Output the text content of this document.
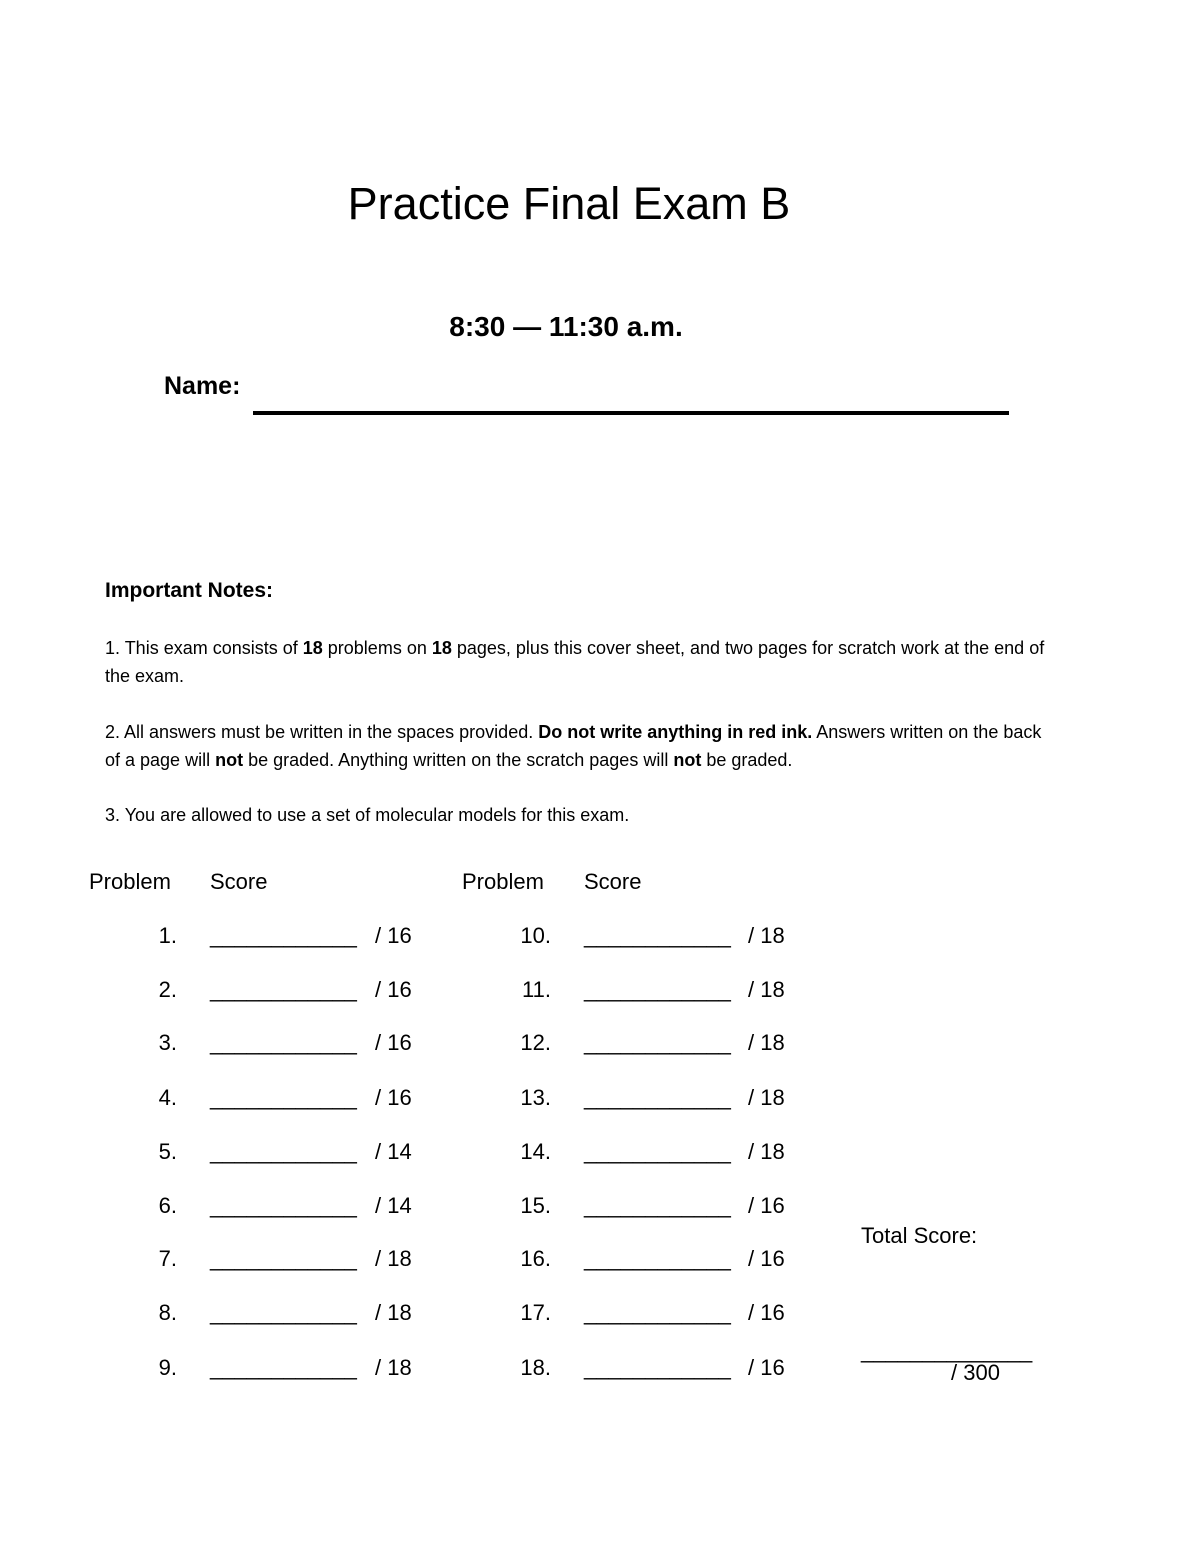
Practice Final Exam B
8:30 — 11:30 a.m.
Name:
Important Notes:
1. This exam consists of 18 problems on 18 pages, plus this cover sheet, and two pages for scratch work at the end of the exam.
2. All answers must be written in the spaces provided. Do not write anything in red ink. Answers written on the back of a page will not be graded. Anything written on the scratch pages will not be graded.
3. You are allowed to use a set of molecular models for this exam.
Problem Score	Problem Score
1. ____________ / 16
2. ____________ / 16
3. ____________ / 16
4. ____________ / 16
5. ____________ / 14
6. ____________ / 14
7. ____________ / 18
8. ____________ / 18
9. ____________ / 18
10. ____________ / 18
11. ____________ / 18
12. ____________ / 18
13. ____________ / 18
14. ____________ / 18
15. ____________ / 16
16. ____________ / 16
17. ____________ / 16
18. ____________ / 16
Total Score:
______________
/ 300
